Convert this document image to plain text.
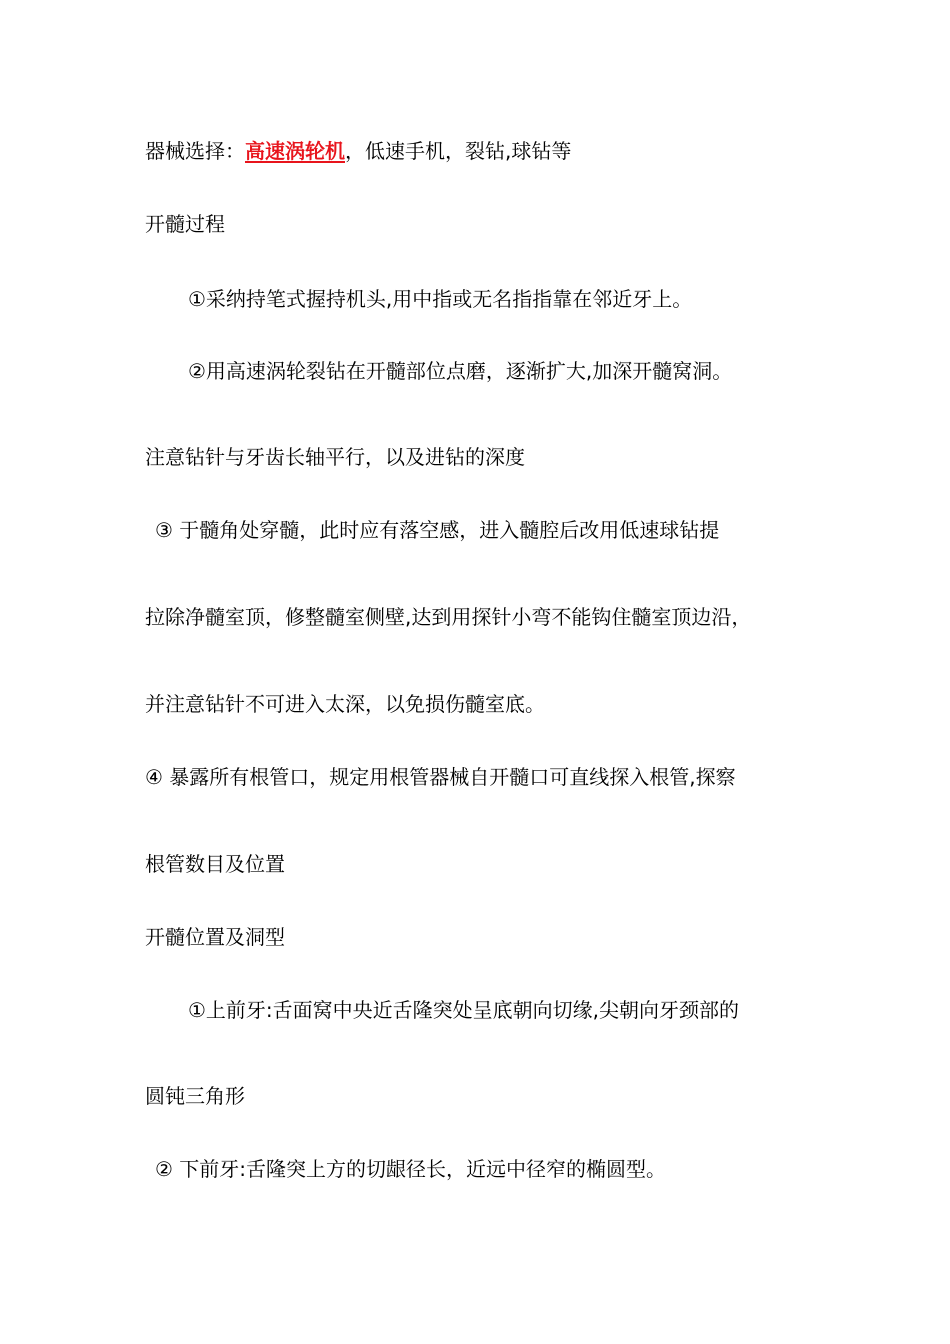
器械选择：高速涡轮机，低速手机，裂钻,球钻等
开髓过程
①采纳持笔式握持机头,用中指或无名指指靠在邻近牙上。
②用高速涡轮裂钻在开髓部位点磨，逐渐扩大,加深开髓窝洞。
注意钻针与牙齿长轴平行，以及进钻的深度
③ 于髓角处穿髓，此时应有落空感，进入髓腔后改用低速球钻提
拉除净髓室顶，修整髓室侧壁,达到用探针小弯不能钩住髓室顶边沿，
并注意钻针不可进入太深，以免损伤髓室底。
④ 暴露所有根管口，规定用根管器械自开髓口可直线探入根管,探察
根管数目及位置
开髓位置及洞型
①上前牙:舌面窝中央近舌隆突处呈底朝向切缘,尖朝向牙颈部的
圆钝三角形
② 下前牙:舌隆突上方的切龈径长，近远中径窄的椭圆型。
